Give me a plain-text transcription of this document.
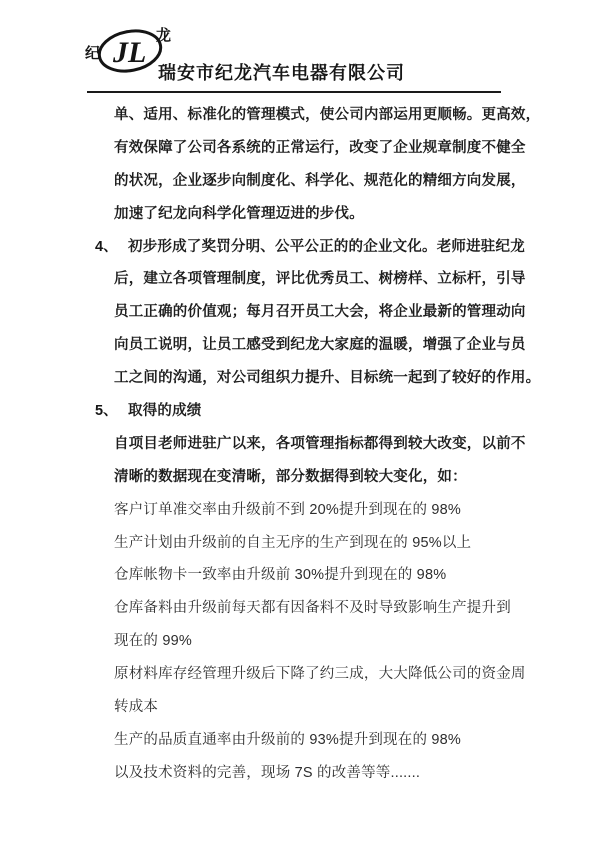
JL
纪
龙
瑞安市纪龙汽车电器有限公司
单、适用、标准化的管理模式，使公司内部运用更顺畅。更高效，
有效保障了公司各系统的正常运行，改变了企业规章制度不健全
的状况，企业逐步向制度化、科学化、规范化的精细方向发展，
加速了纪龙向科学化管理迈进的步伐。
4、 初步形成了奖罚分明、公平公正的的企业文化。老师进驻纪龙
后，建立各项管理制度，评比优秀员工、树榜样、立标杆，引导
员工正确的价值观；每月召开员工大会，将企业最新的管理动向
向员工说明，让员工感受到纪龙大家庭的温暖，增强了企业与员
工之间的沟通，对公司组织力提升、目标统一起到了较好的作用。
5、 取得的成绩
自项目老师进驻广以来，各项管理指标都得到较大改变，以前不
清晰的数据现在变清晰，部分数据得到较大变化，如：
客户订单准交率由升级前不到 20%提升到现在的 98%
生产计划由升级前的自主无序的生产到现在的 95%以上
仓库帐物卡一致率由升级前 30%提升到现在的 98%
仓库备料由升级前每天都有因备料不及时导致影响生产提升到
现在的 99%
原材料库存经管理升级后下降了约三成，大大降低公司的资金周
转成本
生产的品质直通率由升级前的 93%提升到现在的 98%
以及技术资料的完善，现场 7S 的改善等等.......
